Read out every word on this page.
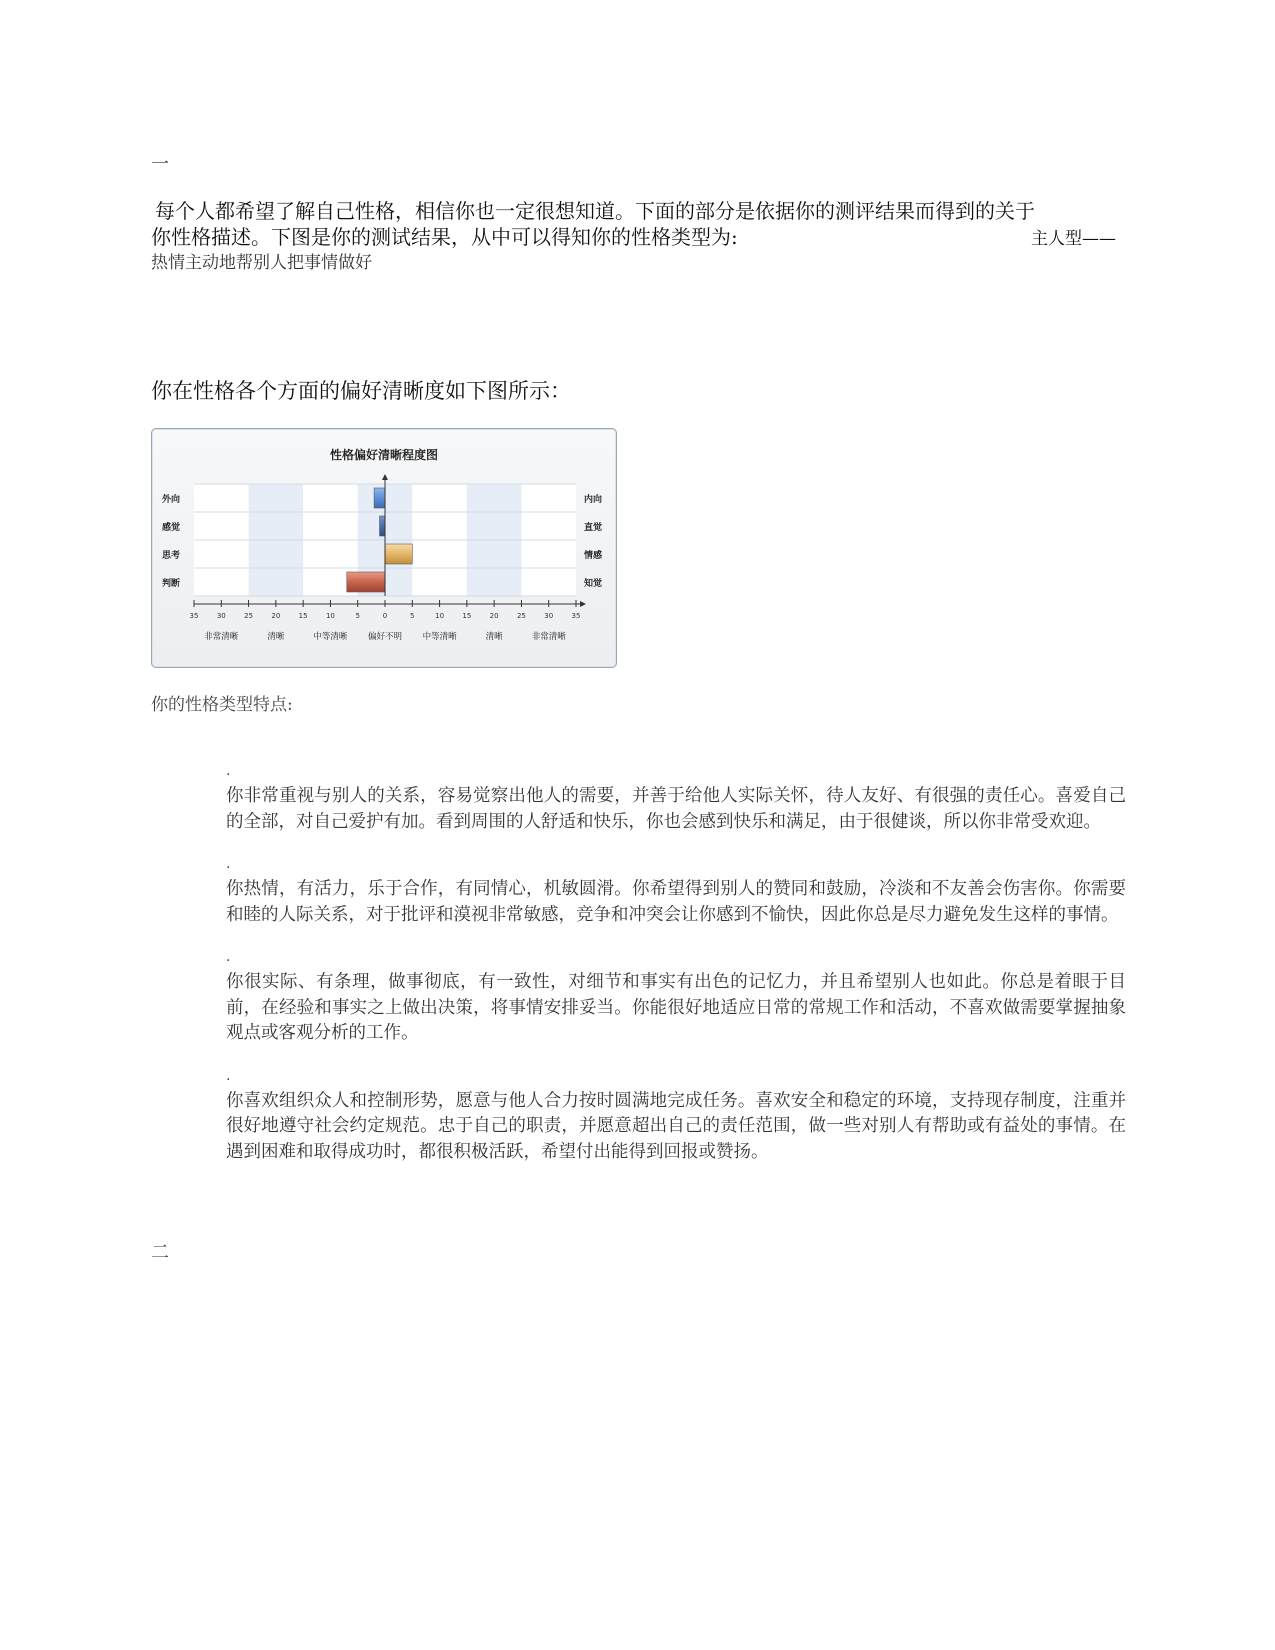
一
每个人都希望了解自己性格，相信你也一定很想知道。下面的部分是依据你的测评结果而得到的关于
你性格描述。下图是你的测试结果，从中可以得知你的性格类型为:	主人型——
热情主动地帮别人把事情做好
你在性格各个方面的偏好清晰度如下图所示：
性格偏好清晰程度图
35	30	25	20	15	10	5	0	5	10	15	20	25	30	35
外向
感觉
思考
判断
内向
直觉
情感
知觉
非常清晰	清晰	中等清晰 偏好不明 中等清晰	清晰	非常清晰
你的性格类型特点:
.
你非常重视与别人的关系，容易觉察出他人的需要，并善于给他人实际关怀，待人友好、有很强的责任心。喜爱自己的全部，对自己爱护有加。看到周围的人舒适和快乐，你也会感到快乐和满足，由于很健谈，所以你非常受欢迎。
.
你热情，有活力，乐于合作，有同情心，机敏圆滑。你希望得到别人的赞同和鼓励，冷淡和不友善会伤害你。你需要和睦的人际关系，对于批评和漠视非常敏感，竞争和冲突会让你感到不愉快，因此你总是尽力避免发生这样的事情。
.
你很实际、有条理，做事彻底，有一致性，对细节和事实有出色的记忆力，并且希望别人也如此。你总是着眼于目前，在经验和事实之上做出决策，将事情安排妥当。你能很好地适应日常的常规工作和活动，不喜欢做需要掌握抽象观点或客观分析的工作。
.
你喜欢组织众人和控制形势，愿意与他人合力按时圆满地完成任务。喜欢安全和稳定的环境，支持现存制度，注重并很好地遵守社会约定规范。忠于自己的职责，并愿意超出自己的责任范围，做一些对别人有帮助或有益处的事情。在遇到困难和取得成功时，都很积极活跃，希望付出能得到回报或赞扬。
二
